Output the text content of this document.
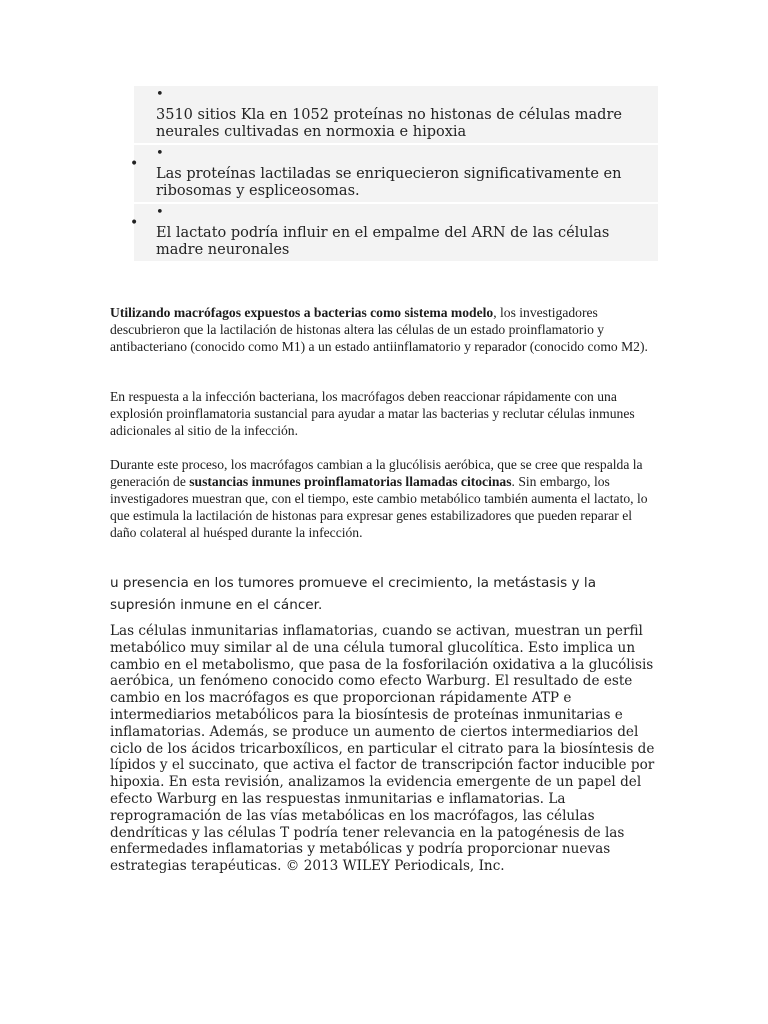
•
3510 sitios Kla en 1052 proteínas no histonas de células madre neurales cultivadas en normoxia e hipoxia
•
•
Las proteínas lactiladas se enriquecieron significativamente en ribosomas y espliceosomas.
•
•
El lactato podría influir en el empalme del ARN de las células madre neuronales

Utilizando macrófagos expuestos a bacterias como sistema modelo, los investigadores descubrieron que la lactilación de histonas altera las células de un estado proinflamatorio y antibacteriano (conocido como M1) a un estado antiinflamatorio y reparador (conocido como M2).

En respuesta a la infección bacteriana, los macrófagos deben reaccionar rápidamente con una explosión proinflamatoria sustancial para ayudar a matar las bacterias y reclutar células inmunes adicionales al sitio de la infección.

Durante este proceso, los macrófagos cambian a la glucólisis aeróbica, que se cree que respalda la generación de sustancias inmunes proinflamatorias llamadas citocinas. Sin embargo, los investigadores muestran que, con el tiempo, este cambio metabólico también aumenta el lactato, lo que estimula la lactilación de histonas para expresar genes estabilizadores que pueden reparar el daño colateral al huésped durante la infección.

u presencia en los tumores promueve el crecimiento, la metástasis y la supresión inmune en el cáncer.

Las células inmunitarias inflamatorias, cuando se activan, muestran un perfil metabólico muy similar al de una célula tumoral glucolítica. Esto implica un cambio en el metabolismo, que pasa de la fosforilación oxidativa a la glucólisis aeróbica, un fenómeno conocido como efecto Warburg. El resultado de este cambio en los macrófagos es que proporcionan rápidamente ATP e intermediarios metabólicos para la biosíntesis de proteínas inmunitarias e inflamatorias. Además, se produce un aumento de ciertos intermediarios del ciclo de los ácidos tricarboxílicos, en particular el citrato para la biosíntesis de lípidos y el succinato, que activa el factor de transcripción factor inducible por hipoxia. En esta revisión, analizamos la evidencia emergente de un papel del efecto Warburg en las respuestas inmunitarias e inflamatorias. La reprogramación de las vías metabólicas en los macrófagos, las células dendríticas y las células T podría tener relevancia en la patogénesis de las enfermedades inflamatorias y metabólicas y podría proporcionar nuevas estrategias terapéuticas. © 2013 WILEY Periodicals, Inc.
